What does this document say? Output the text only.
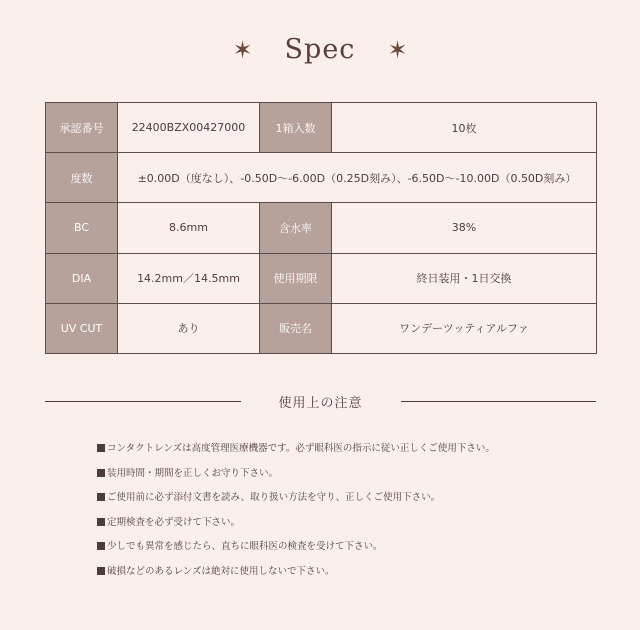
✶ Spec ✶
承認番号	22400BZX00427000	1箱入数	10枚
度数	±0.00D（度なし）、-0.50D〜-6.00D（0.25D刻み）、-6.50D〜-10.00D（0.50D刻み）		
BC	8.6mm	含水率	38%
DIA	14.2mm／14.5mm	使用期限	終日装用・1日交換
UV CUT	あり	販売名	ワンデーツッティアルファ
使用上の注意
コンタクトレンズは高度管理医療機器です。必ず眼科医の指示に従い正しくご使用下さい。
装用時間・期間を正しくお守り下さい。
ご使用前に必ず添付文書を読み、取り扱い方法を守り、正しくご使用下さい。
定期検査を必ず受けて下さい。
少しでも異常を感じたら、直ちに眼科医の検査を受けて下さい。
破損などのあるレンズは絶対に使用しないで下さい。
